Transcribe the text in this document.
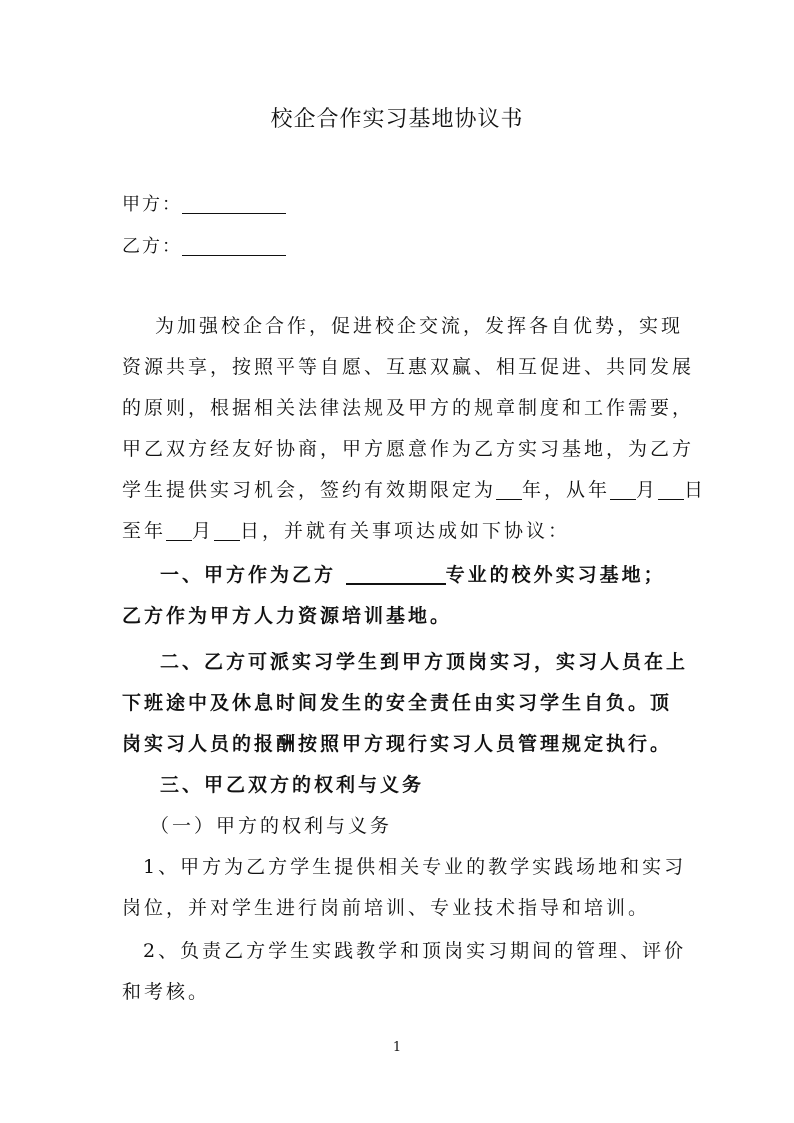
校企合作实习基地协议书
甲方：
乙方：
为加强校企合作，促进校企交流，发挥各自优势，实现
资源共享，按照平等自愿、互惠双赢、相互促进、共同发展
的原则，根据相关法律法规及甲方的规章制度和工作需要，
甲乙双方经友好协商，甲方愿意作为乙方实习基地，为乙方
学生提供实习机会，签约有效期限定为 年，从年 月 日
至年 月 日，并就有关事项达成如下协议：
一、甲方作为乙方	专业的校外实习基地；
乙方作为甲方人力资源培训基地。
二、乙方可派实习学生到甲方顶岗实习，实习人员在上
下班途中及休息时间发生的安全责任由实习学生自负。顶
岗实习人员的报酬按照甲方现行实习人员管理规定执行。
三、甲乙双方的权利与义务
（一）甲方的权利与义务
1、甲方为乙方学生提供相关专业的教学实践场地和实习
岗位，并对学生进行岗前培训、专业技术指导和培训。
2、负责乙方学生实践教学和顶岗实习期间的管理、评价
和考核。
1
